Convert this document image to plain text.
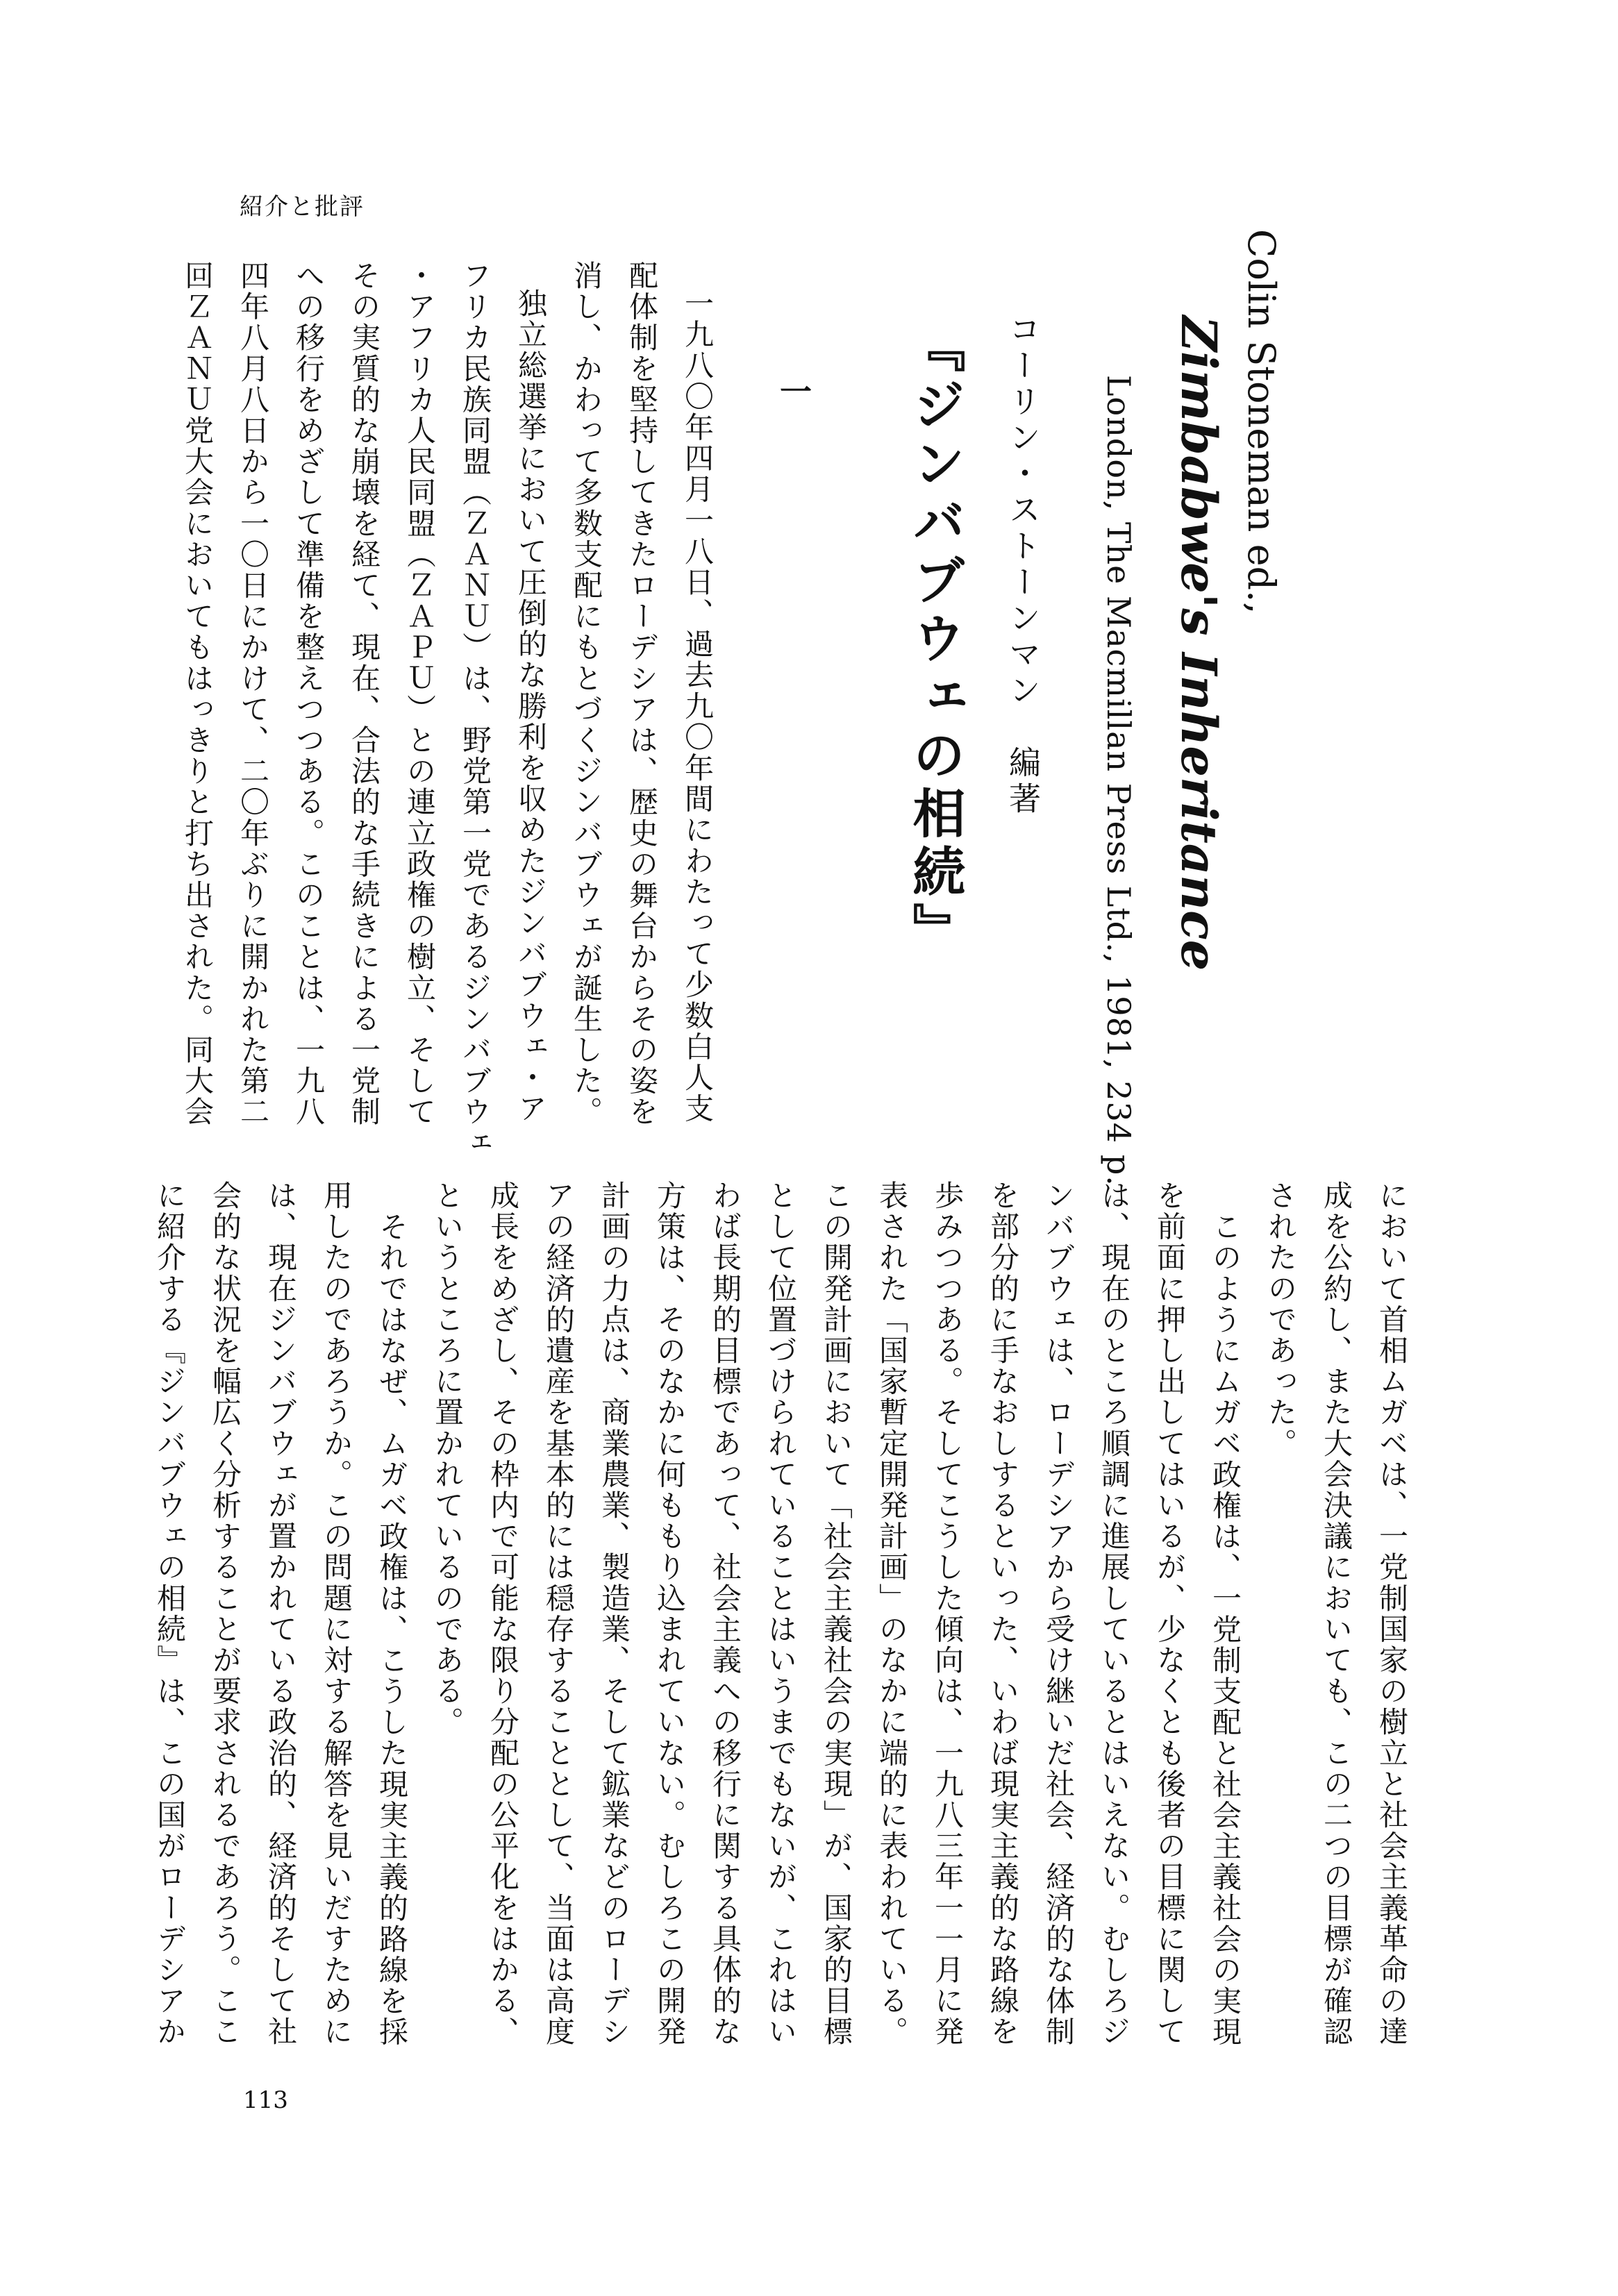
紹介と批評
Colin Stoneman ed.,
Zimbabwe's Inheritance
London, The Macmillan Press Ltd., 1981, 234 p.
コーリン・ストーンマン　編著
『ジンバブウェの相続』
一
一九八〇年四月一八日、過去九〇年間にわたって少数白人支
配体制を堅持してきたローデシアは、歴史の舞台からその姿を
消し、かわって多数支配にもとづくジンバブウェが誕生した。
独立総選挙において圧倒的な勝利を収めたジンバブウェ・ア
フリカ民族同盟（ＺＡＮＵ）は、野党第一党であるジンバブウェ
・アフリカ人民同盟（ＺＡＰＵ）との連立政権の樹立、そして
その実質的な崩壊を経て、現在、合法的な手続きによる一党制
への移行をめざして準備を整えつつある。このことは、一九八
四年八月八日から一〇日にかけて、二〇年ぶりに開かれた第二
回ＺＡＮＵ党大会においてもはっきりと打ち出された。同大会
において首相ムガベは、一党制国家の樹立と社会主義革命の達
成を公約し、また大会決議においても、この二つの目標が確認
されたのであった。
このようにムガベ政権は、一党制支配と社会主義社会の実現
を前面に押し出してはいるが、少なくとも後者の目標に関して
は、現在のところ順調に進展しているとはいえない。むしろジ
ンバブウェは、ローデシアから受け継いだ社会、経済的な体制
を部分的に手なおしするといった、いわば現実主義的な路線を
歩みつつある。そしてこうした傾向は、一九八三年一一月に発
表された「国家暫定開発計画」のなかに端的に表われている。
この開発計画において「社会主義社会の実現」が、国家的目標
として位置づけられていることはいうまでもないが、これはい
わば長期的目標であって、社会主義への移行に関する具体的な
方策は、そのなかに何ももり込まれていない。むしろこの開発
計画の力点は、商業農業、製造業、そして鉱業などのローデシ
アの経済的遺産を基本的には穏存することとして、当面は高度
成長をめざし、その枠内で可能な限り分配の公平化をはかる、
というところに置かれているのである。
それではなぜ、ムガベ政権は、こうした現実主義的路線を採
用したのであろうか。この問題に対する解答を見いだすために
は、現在ジンバブウェが置かれている政治的、経済的そして社
会的な状況を幅広く分析することが要求されるであろう。ここ
に紹介する『ジンバブウェの相続』は、この国がローデシアか
113
